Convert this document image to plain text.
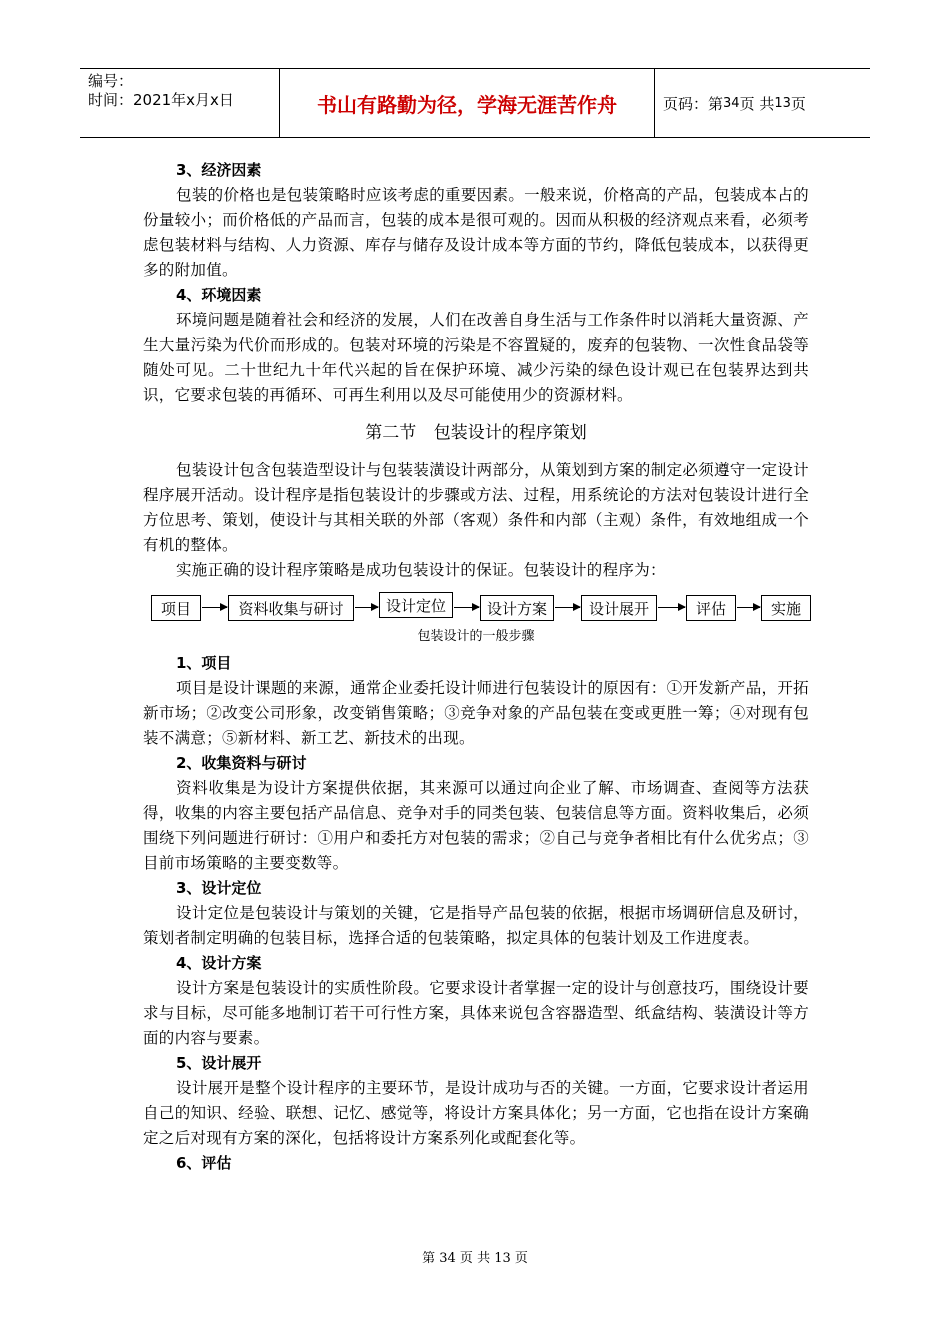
编号：
时间：2021年x月x日	书山有路勤为径，学海无涯苦作舟	页码：第 34 页 共 13 页
3、经济因素

包装的价格也是包装策略时应该考虑的重要因素。一般来说，价格高的产品，包装成本占的份量较小；而价格低的产品而言，包装的成本是很可观的。因而从积极的经济观点来看，必须考虑包装材料与结构、人力资源、库存与储存及设计成本等方面的节约，降低包装成本，以获得更多的附加值。

4、环境因素

环境问题是随着社会和经济的发展，人们在改善自身生活与工作条件时以消耗大量资源、产生大量污染为代价而形成的。包装对环境的污染是不容置疑的，废弃的包装物、一次性食品袋等随处可见。二十世纪九十年代兴起的旨在保护环境、减少污染的绿色设计观已在包装界达到共识，它要求包装的再循环、可再生利用以及尽可能使用少的资源材料。

第二节 包装设计的程序策划

包装设计包含包装造型设计与包装装潢设计两部分，从策划到方案的制定必须遵守一定设计程序展开活动。设计程序是指包装设计的步骤或方法、过程，用系统论的方法对包装设计进行全方位思考、策划，使设计与其相关联的外部（客观）条件和内部（主观）条件，有效地组成一个有机的整体。

实施正确的设计程序策略是成功包装设计的保证。包装设计的程序为：

项目	资料收集与研讨	设计定位	设计方案	设计展开	评估	实施
包装设计的一般步骤
1、项目

项目是设计课题的来源，通常企业委托设计师进行包装设计的原因有：①开发新产品，开拓新市场；②改变公司形象，改变销售策略；③竞争对象的产品包装在变或更胜一筹；④对现有包装不满意；⑤新材料、新工艺、新技术的出现。

2、收集资料与研讨

资料收集是为设计方案提供依据，其来源可以通过向企业了解、市场调查、查阅等方法获得，收集的内容主要包括产品信息、竞争对手的同类包装、包装信息等方面。资料收集后，必须围绕下列问题进行研讨：①用户和委托方对包装的需求；②自己与竞争者相比有什么优劣点；③目前市场策略的主要变数等。

3、设计定位

设计定位是包装设计与策划的关键，它是指导产品包装的依据，根据市场调研信息及研讨，策划者制定明确的包装目标，选择合适的包装策略，拟定具体的包装计划及工作进度表。

4、设计方案

设计方案是包装设计的实质性阶段。它要求设计者掌握一定的设计与创意技巧，围绕设计要求与目标，尽可能多地制订若干可行性方案，具体来说包含容器造型、纸盒结构、装潢设计等方面的内容与要素。

5、设计展开

设计展开是整个设计程序的主要环节，是设计成功与否的关键。一方面，它要求设计者运用自己的知识、经验、联想、记忆、感觉等，将设计方案具体化；另一方面，它也指在设计方案确定之后对现有方案的深化，包括将设计方案系列化或配套化等。

6、评估
第 34 页 共 13 页
